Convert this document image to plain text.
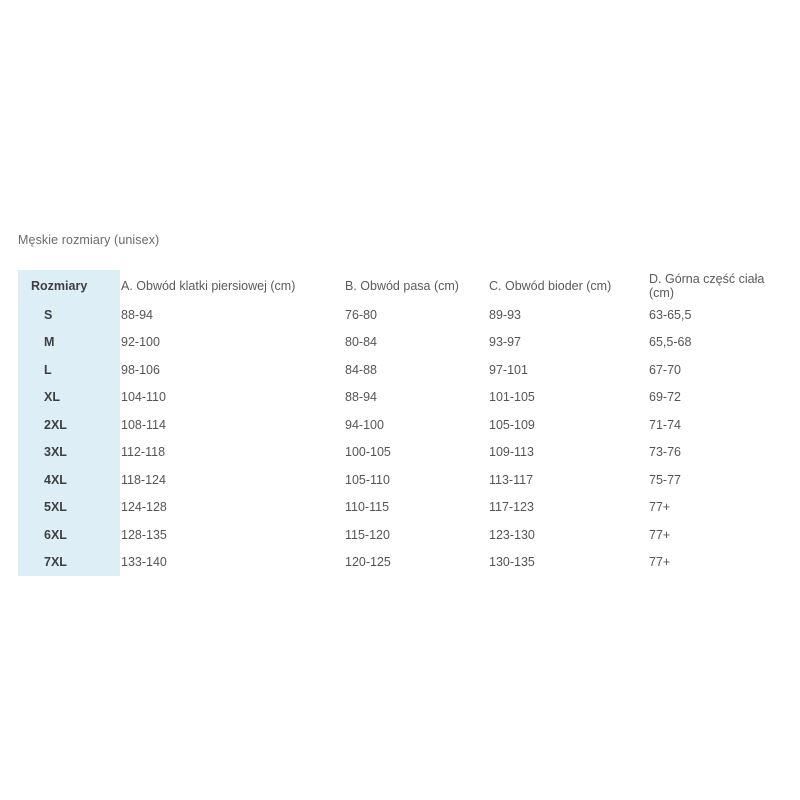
Męskie rozmiary (unisex)
Rozmiary	A. Obwód klatki piersiowej (cm)	B. Obwód pasa (cm)	C. Obwód bioder (cm)	D. Górna część ciała (cm)
S	88-94	76-80	89-93	63-65,5
M	92-100	80-84	93-97	65,5-68
L	98-106	84-88	97-101	67-70
XL	104-110	88-94	101-105	69-72
2XL	108-114	94-100	105-109	71-74
3XL	112-118	100-105	109-113	73-76
4XL	118-124	105-110	113-117	75-77
5XL	124-128	110-115	117-123	77+
6XL	128-135	115-120	123-130	77+
7XL	133-140	120-125	130-135	77+
